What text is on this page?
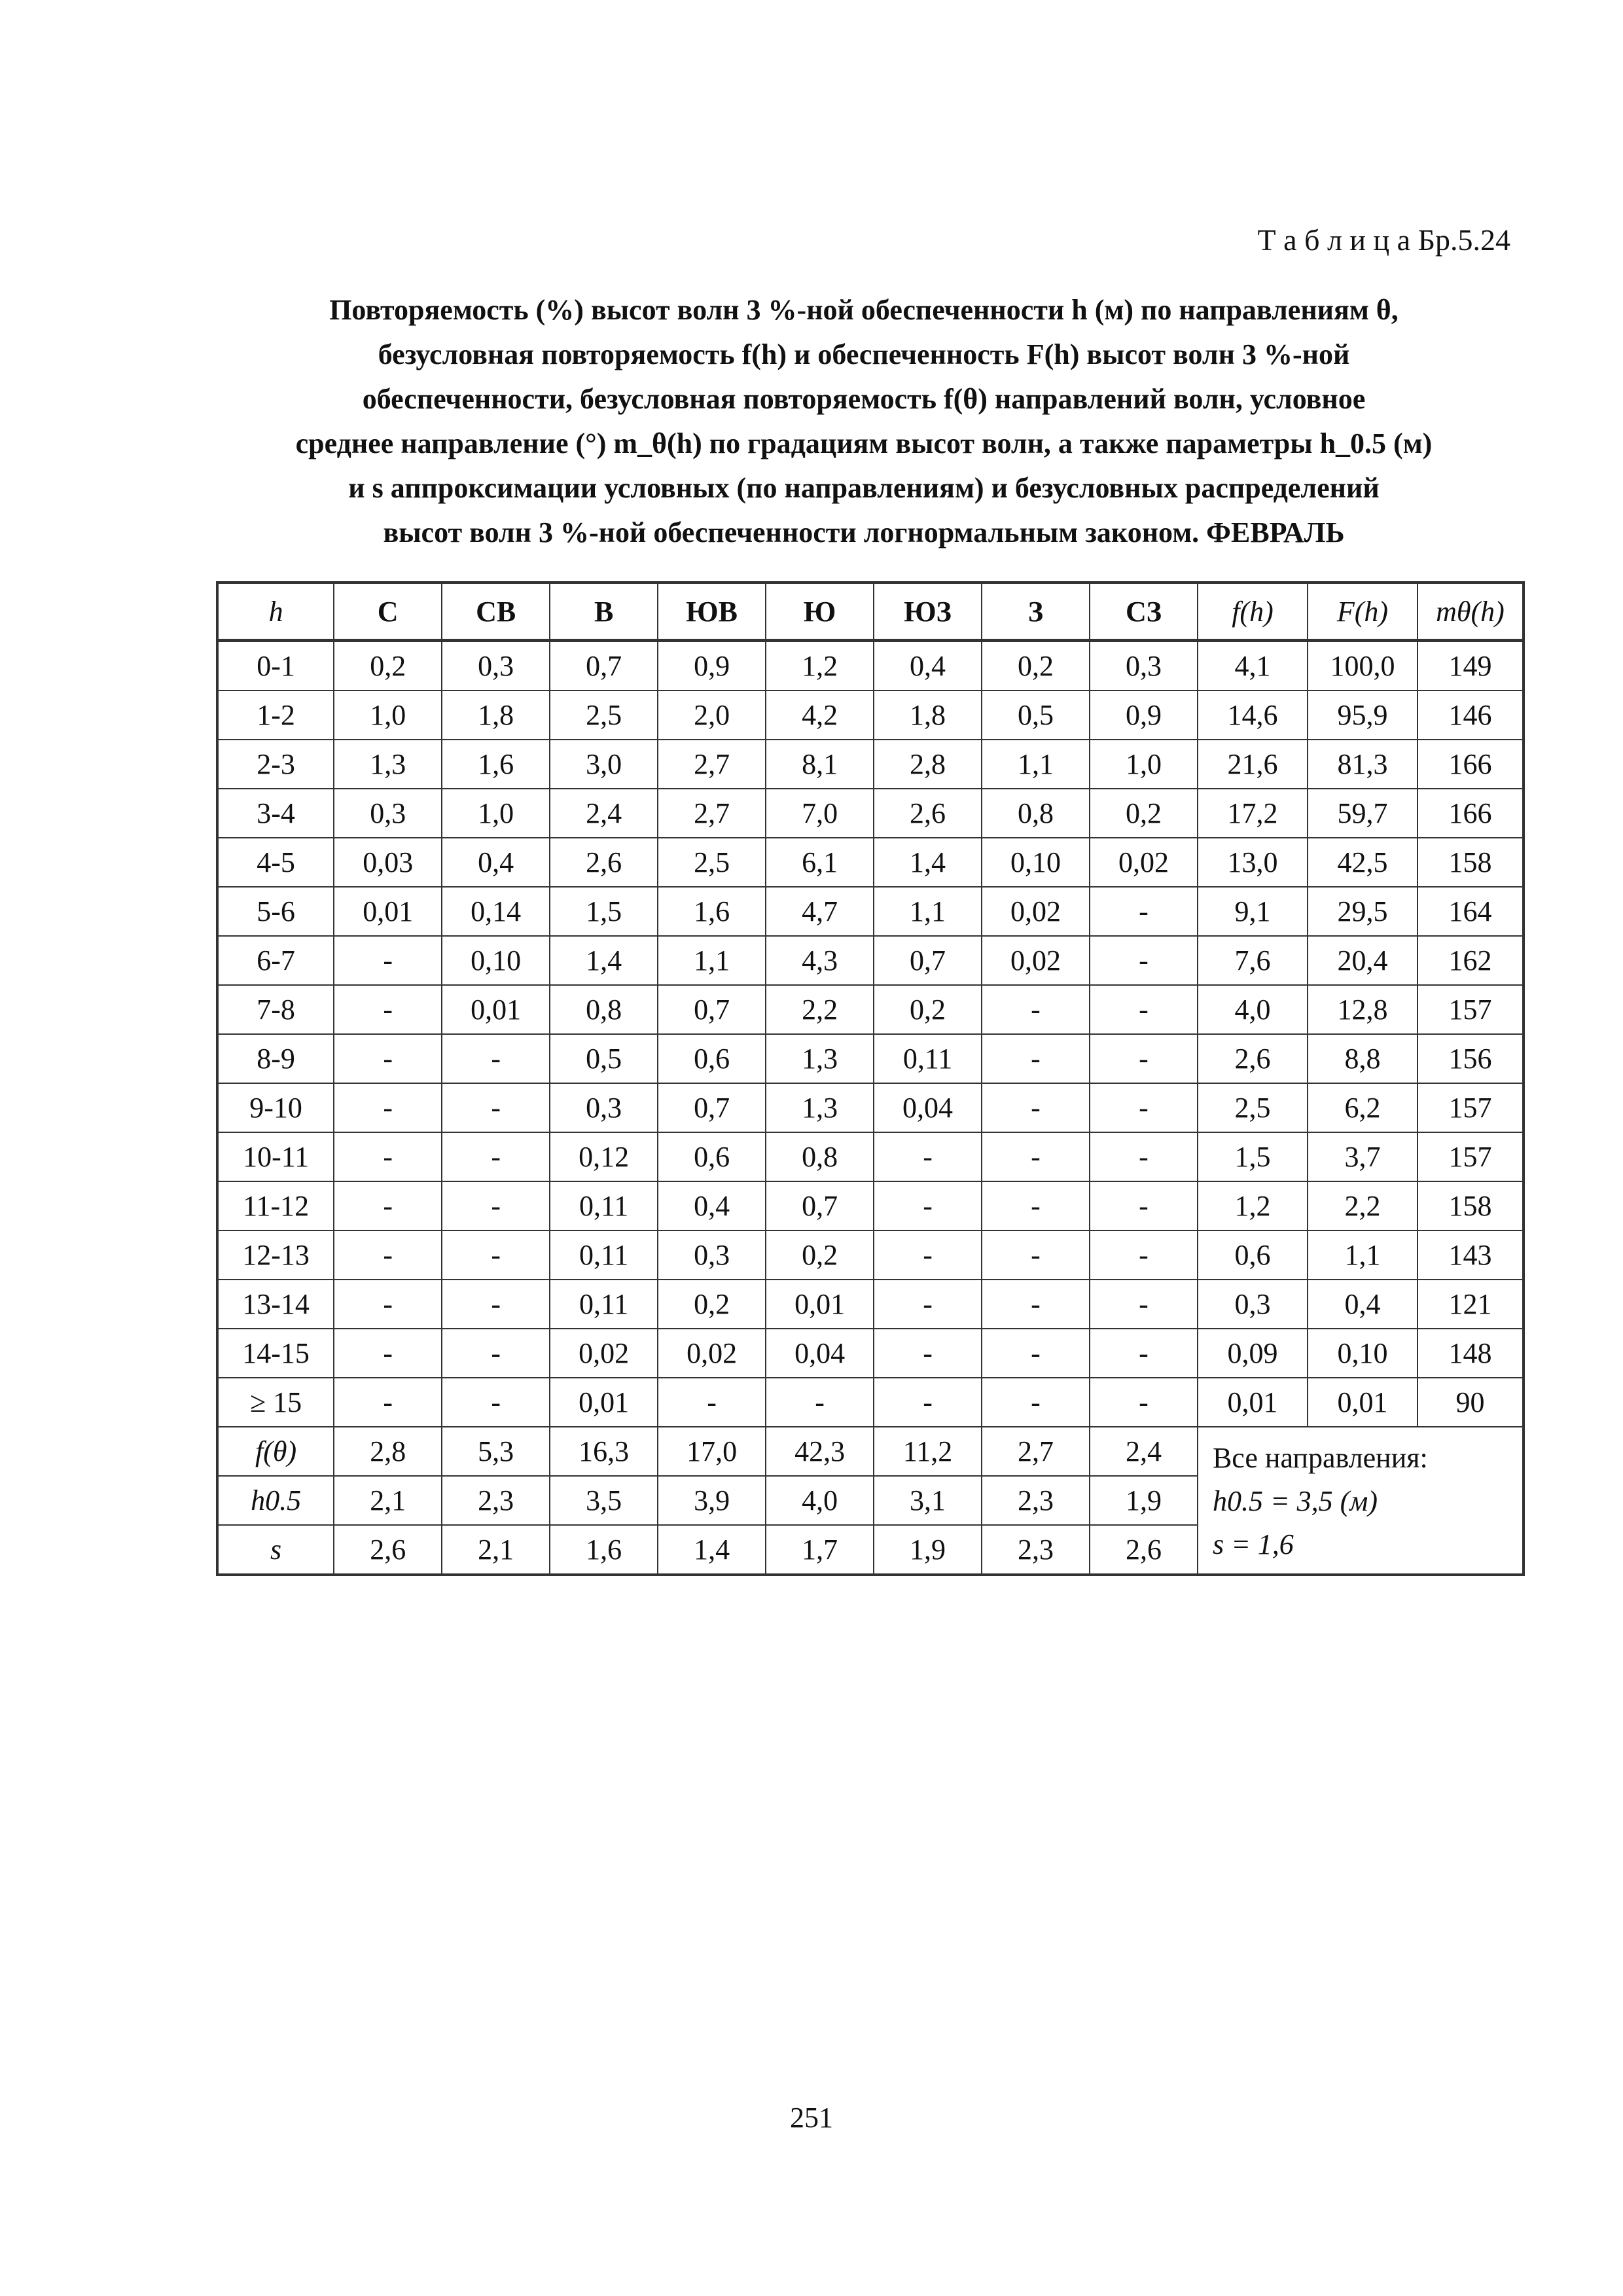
Т а б л и ц а Бр.5.24
Повторяемость (%) высот волн 3 %-ной обеспеченности h (м) по направлениям θ,
безусловная повторяемость f(h) и обеспеченность F(h) высот волн 3 %-ной
обеспеченности, безусловная повторяемость f(θ) направлений волн, условное
среднее направление (°) m_θ(h) по градациям высот волн, а также параметры h_0.5 (м)
и s аппроксимации условных (по направлениям) и безусловных распределений
высот волн 3 %-ной обеспеченности логнормальным законом. ФЕВРАЛЬ
h	С	СВ	В	ЮВ	Ю	ЮЗ	З	СЗ	f(h)	F(h)	mθ(h)
0-1	0,2	0,3	0,7	0,9	1,2	0,4	0,2	0,3	4,1	100,0	149
1-2	1,0	1,8	2,5	2,0	4,2	1,8	0,5	0,9	14,6	95,9	146
2-3	1,3	1,6	3,0	2,7	8,1	2,8	1,1	1,0	21,6	81,3	166
3-4	0,3	1,0	2,4	2,7	7,0	2,6	0,8	0,2	17,2	59,7	166
4-5	0,03	0,4	2,6	2,5	6,1	1,4	0,10	0,02	13,0	42,5	158
5-6	0,01	0,14	1,5	1,6	4,7	1,1	0,02	-	9,1	29,5	164
6-7	-	0,10	1,4	1,1	4,3	0,7	0,02	-	7,6	20,4	162
7-8	-	0,01	0,8	0,7	2,2	0,2	-	-	4,0	12,8	157
8-9	-	-	0,5	0,6	1,3	0,11	-	-	2,6	8,8	156
9-10	-	-	0,3	0,7	1,3	0,04	-	-	2,5	6,2	157
10-11	-	-	0,12	0,6	0,8	-	-	-	1,5	3,7	157
11-12	-	-	0,11	0,4	0,7	-	-	-	1,2	2,2	158
12-13	-	-	0,11	0,3	0,2	-	-	-	0,6	1,1	143
13-14	-	-	0,11	0,2	0,01	-	-	-	0,3	0,4	121
14-15	-	-	0,02	0,02	0,04	-	-	-	0,09	0,10	148
≥ 15	-	-	0,01	-	-	-	-	-	0,01	0,01	90
f(θ)	2,8	5,3	16,3	17,0	42,3	11,2	2,7	2,4	Все направления:
h0.5 = 3,5 (м)
s = 1,6		

h0.5	2,1	2,3	3,5	3,9	4,0	3,1	2,3	1,9			
s	2,6	2,1	1,6	1,4	1,7	1,9	2,3	2,6			
251
